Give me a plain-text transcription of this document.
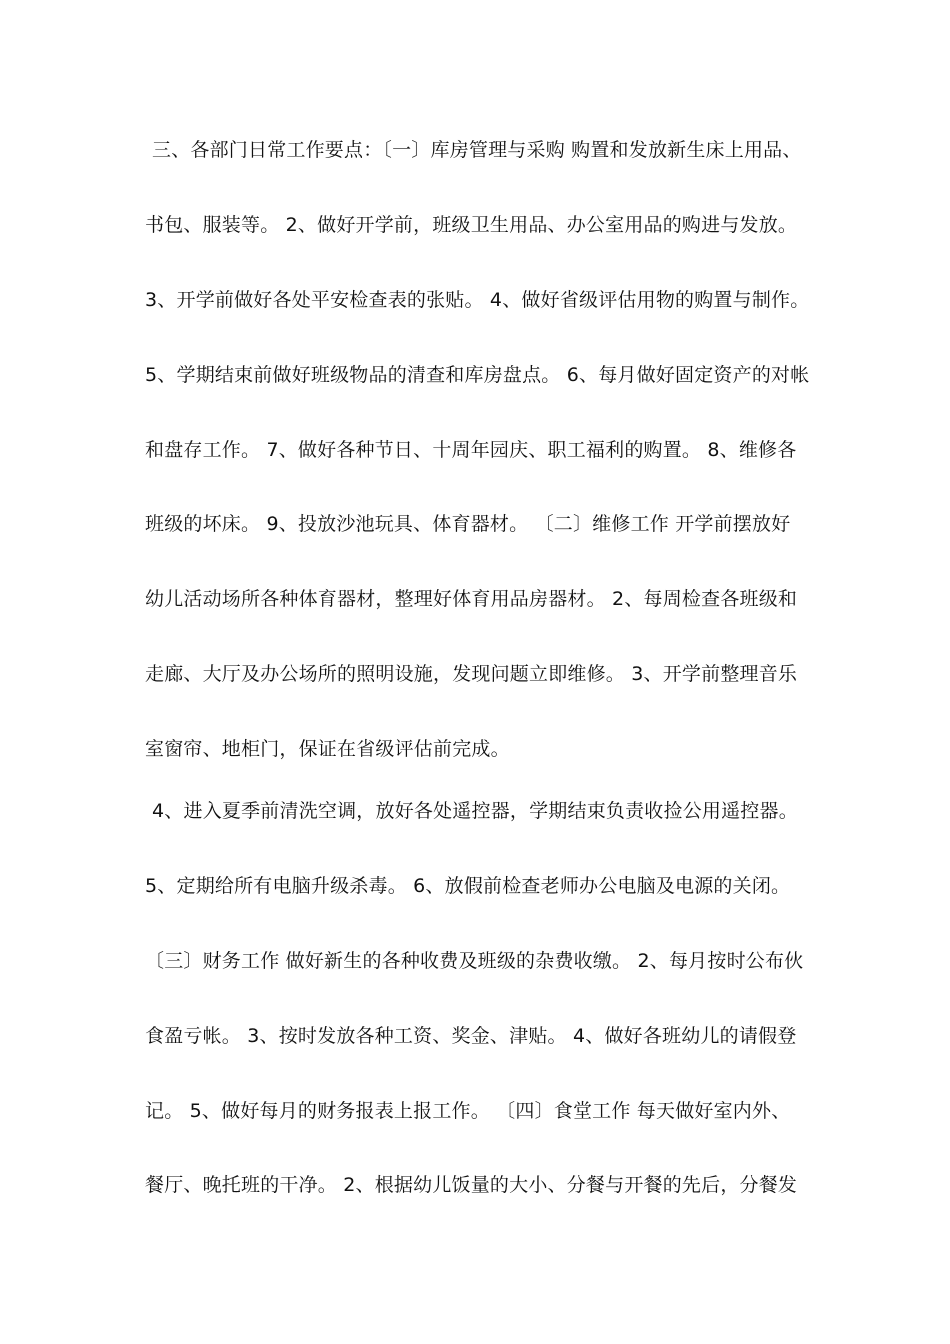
三、各部门日常工作要点：〔一〕库房管理与采购 购置和发放新生床上用品、
书包、服装等。 2、做好开学前，班级卫生用品、办公室用品的购进与发放。
3、开学前做好各处平安检查表的张贴。 4、做好省级评估用物的购置与制作。
5、学期结束前做好班级物品的清查和库房盘点。 6、每月做好固定资产的对帐
和盘存工作。 7、做好各种节日、十周年园庆、职工福利的购置。 8、维修各
班级的坏床。 9、投放沙池玩具、体育器材。 〔二〕维修工作 开学前摆放好
幼儿活动场所各种体育器材，整理好体育用品房器材。 2、每周检查各班级和
走廊、大厅及办公场所的照明设施，发现问题立即维修。 3、开学前整理音乐
室窗帘、地柜门，保证在省级评估前完成。
4、进入夏季前清洗空调，放好各处遥控器，学期结束负责收捡公用遥控器。
5、定期给所有电脑升级杀毒。 6、放假前检查老师办公电脑及电源的关闭。
〔三〕财务工作 做好新生的各种收费及班级的杂费收缴。 2、每月按时公布伙
食盈亏帐。 3、按时发放各种工资、奖金、津贴。 4、做好各班幼儿的请假登
记。 5、做好每月的财务报表上报工作。 〔四〕食堂工作 每天做好室内外、
餐厅、晚托班的干净。 2、根据幼儿饭量的大小、分餐与开餐的先后，分餐发
